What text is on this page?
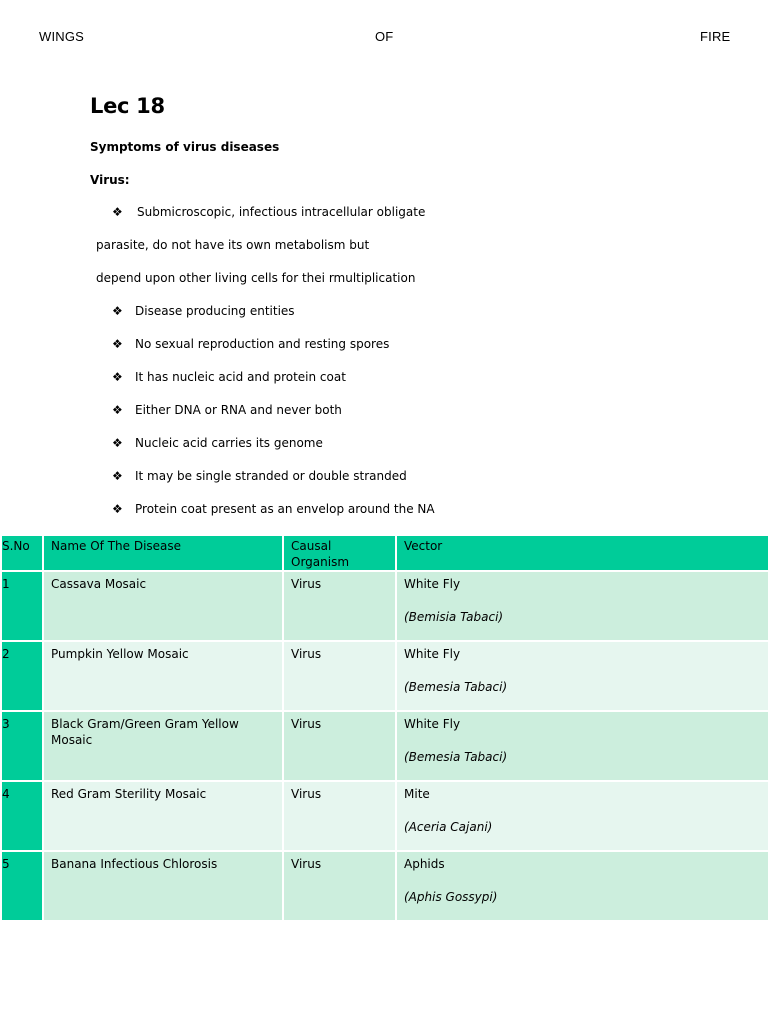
WINGS	OF	FIRE
Lec 18
Symptoms of virus diseases
Virus:
❖ Submicroscopic, infectious intracellular obligate
parasite, do not have its own metabolism but
depend upon other living cells for thei rmultiplication
❖ Disease producing entities
❖ No sexual reproduction and resting spores
❖ It has nucleic acid and protein coat
❖ Either DNA or RNA and never both
❖ Nucleic acid carries its genome
❖ It may be single stranded or double stranded
❖ Protein coat present as an envelop around the NA
S.No	Name Of The Disease	Causal Organism	Vector
1	Cassava Mosaic	Virus	White Fly
(Bemisia Tabaci)

2	Pumpkin Yellow Mosaic	Virus	White Fly
(Bemesia Tabaci)

3	Black Gram/Green Gram Yellow Mosaic	Virus	White Fly
(Bemesia Tabaci)

4	Red Gram Sterility Mosaic	Virus	Mite
(Aceria Cajani)

5	Banana Infectious Chlorosis	Virus	Aphids
(Aphis Gossypi)
